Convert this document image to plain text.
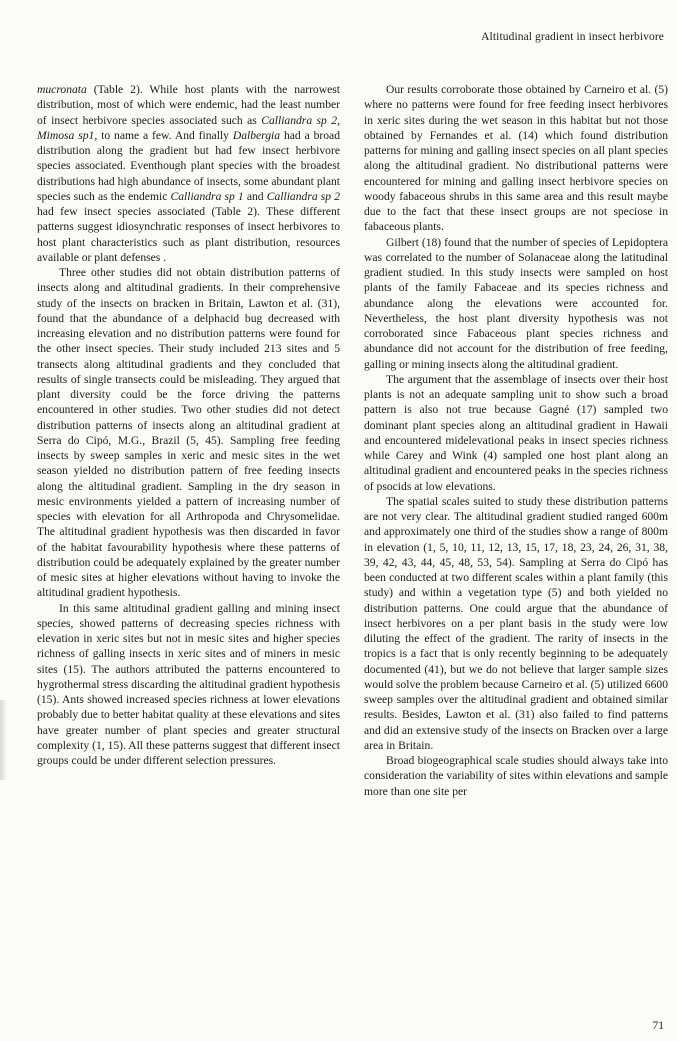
Altitudinal gradient in insect herbivore

mucronata (Table 2). While host plants with the narrowest distribution, most of which were endemic, had the least number of insect herbivore species associated such as Calliandra sp 2, Mimosa sp1, to name a few. And finally Dalbergia had a broad distribution along the gradient but had few insect herbivore species associated. Eventhough plant species with the broadest distributions had high abundance of insects, some abundant plant species such as the endemic Calliandra sp 1 and Calliandra sp 2 had few insect species associated (Table 2). These different patterns suggest idiosynchratic responses of insect herbivores to host plant characteristics such as plant distribution, resources available or plant defenses .

Three other studies did not obtain distribution patterns of insects along and altitudinal gradients. In their comprehensive study of the insects on bracken in Britain, Lawton et al. (31), found that the abundance of a delphacid bug decreased with increasing elevation and no distribution patterns were found for the other insect species. Their study included 213 sites and 5 transects along altitudinal gradients and they concluded that results of single transects could be misleading. They argued that plant diversity could be the force driving the patterns encountered in other studies. Two other studies did not detect distribution patterns of insects along an altitudinal gradient at Serra do Cipó, M.G., Brazil (5, 45). Sampling free feeding insects by sweep samples in xeric and mesic sites in the wet season yielded no distribution pattern of free feeding insects along the altitudinal gradient. Sampling in the dry season in mesic environments yielded a pattern of increasing number of species with elevation for all Arthropoda and Chrysomelidae. The altitudinal gradient hypothesis was then discarded in favor of the habitat favourability hypothesis where these patterns of distribution could be adequately explained by the greater number of mesic sites at higher elevations without having to invoke the altitudinal gradient hypothesis.

In this same altitudinal gradient galling and mining insect species, showed patterns of decreasing species richness with elevation in xeric sites but not in mesic sites and higher species richness of galling insects in xeric sites and of miners in mesic sites (15). The authors attributed the patterns encountered to hygrothermal stress discarding the altitudinal gradient hypothesis (15). Ants showed increased species richness at lower elevations probably due to better habitat quality at these elevations and sites have greater number of plant species and greater structural complexity (1, 15). All these patterns suggest that different insect groups could be under different selection pressures.

Our results corroborate those obtained by Carneiro et al. (5) where no patterns were found for free feeding insect herbivores in xeric sites during the wet season in this habitat but not those obtained by Fernandes et al. (14) which found distribution patterns for mining and galling insect species on all plant species along the altitudinal gradient. No distributional patterns were encountered for mining and galling insect herbivore species on woody fabaceous shrubs in this same area and this result maybe due to the fact that these insect groups are not speciose in fabaceous plants.

Gilbert (18) found that the number of species of Lepidoptera was correlated to the number of Solanaceae along the latitudinal gradient studied. In this study insects were sampled on host plants of the family Fabaceae and its species richness and abundance along the elevations were accounted for. Nevertheless, the host plant diversity hypothesis was not corroborated since Fabaceous plant species richness and abundance did not account for the distribution of free feeding, galling or mining insects along the altitudinal gradient.

The argument that the assemblage of insects over their host plants is not an adequate sampling unit to show such a broad pattern is also not true because Gagné (17) sampled two dominant plant species along an altitudinal gradient in Hawaii and encountered midelevational peaks in insect species richness while Carey and Wink (4) sampled one host plant along an altitudinal gradient and encountered peaks in the species richness of psocids at low elevations.

The spatial scales suited to study these distribution patterns are not very clear. The altitudinal gradient studied ranged 600m and approximately one third of the studies show a range of 800m in elevation (1, 5, 10, 11, 12, 13, 15, 17, 18, 23, 24, 26, 31, 38, 39, 42, 43, 44, 45, 48, 53, 54). Sampling at Serra do Cipó has been conducted at two different scales within a plant family (this study) and within a vegetation type (5) and both yielded no distribution patterns. One could argue that the abundance of insect herbivores on a per plant basis in the study were low diluting the effect of the gradient. The rarity of insects in the tropics is a fact that is only recently beginning to be adequately documented (41), but we do not believe that larger sample sizes would solve the problem because Carneiro et al. (5) utilized 6600 sweep samples over the altitudinal gradient and obtained similar results. Besides, Lawton et al. (31) also failed to find patterns and did an extensive study of the insects on Bracken over a large area in Britain.

Broad biogeographical scale studies should always take into consideration the variability of sites within elevations and sample more than one site per

71
